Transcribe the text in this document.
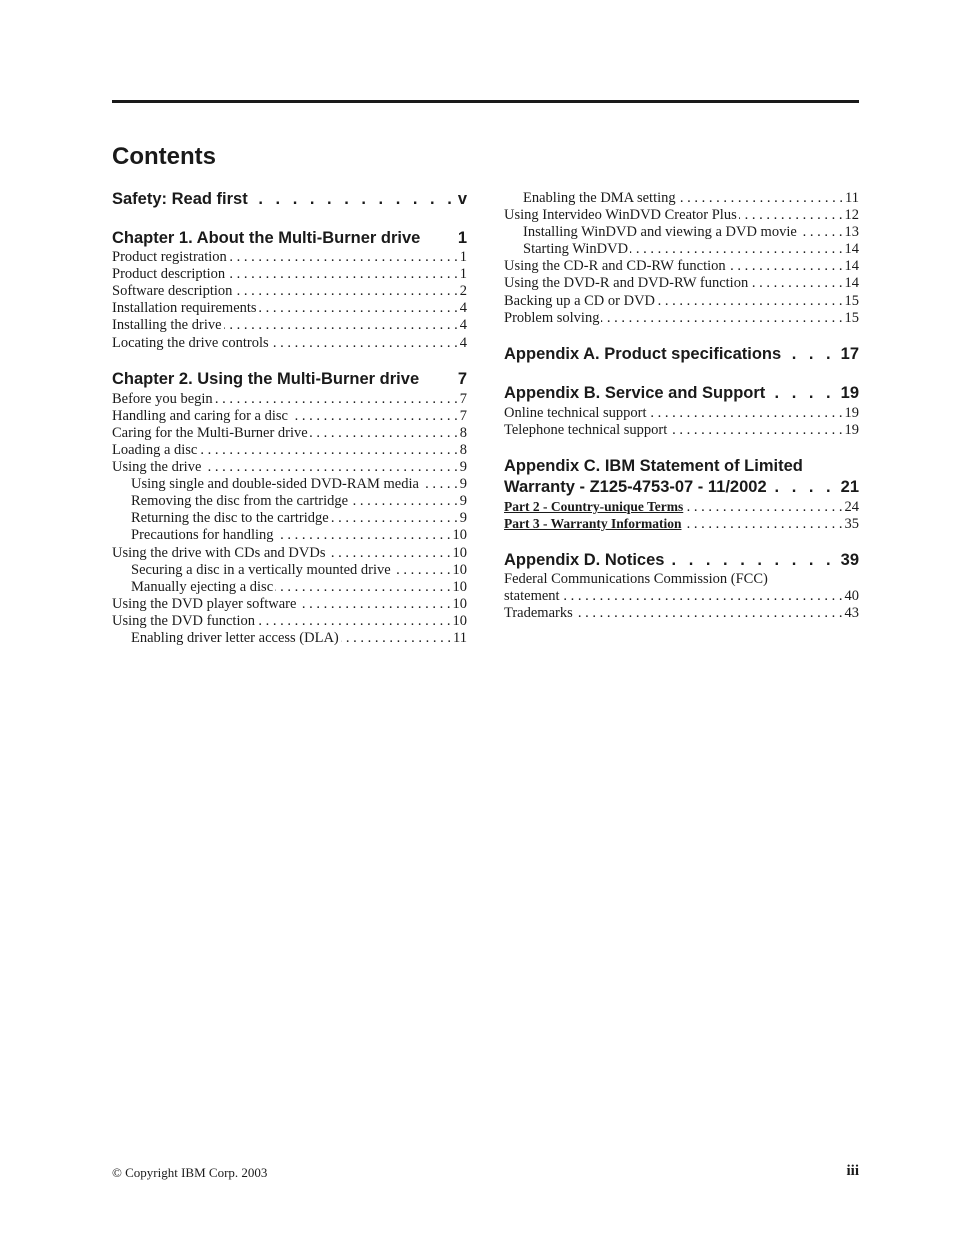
Contents
Safety: Read first . . .	v
Chapter 1. About the Multi-Burner drive 1
Product registration . . .	1
Product description . . .	1
Software description . . .	2
Installation requirements . . .	4
Installing the drive . . .	4
Locating the drive controls . . .	4
Chapter 2. Using the Multi-Burner drive 7
Before you begin . . .	7
Handling and caring for a disc . . .	7
Caring for the Multi-Burner drive . . .	8
Loading a disc . . .	8
Using the drive . . .	9
Using single and double-sided DVD-RAM media . . .	9
Removing the disc from the cartridge . . .	9
Returning the disc to the cartridge . . .	9
Precautions for handling . . .	10
Using the drive with CDs and DVDs . . .	10
Securing a disc in a vertically mounted drive . . .	10
Manually ejecting a disc . . .	10
Using the DVD player software . . .	10
Using the DVD function . . .	10
Enabling driver letter access (DLA) . . .	11
Enabling the DMA setting . . .	11
Using Intervideo WinDVD Creator Plus . . .	12
Installing WinDVD and viewing a DVD movie . . .	13
Starting WinDVD . . .	14
Using the CD-R and CD-RW function . . .	14
Using the DVD-R and DVD-RW function . . .	14
Backing up a CD or DVD . . .	15
Problem solving . . .	15
Appendix A. Product specifications . . .	17
Appendix B. Service and Support . . .	19
Online technical support . . .	19
Telephone technical support . . .	19
Appendix C. IBM Statement of Limited
Warranty - Z125-4753-07 - 11/2002 . . .	21
Part 2 - Country-unique Terms . . .	24
Part 3 - Warranty Information . . .	35
Appendix D. Notices . . .	39
Federal Communications Commission (FCC)
statement . . .	40
Trademarks . . .	43
© Copyright IBM Corp. 2003	iii
